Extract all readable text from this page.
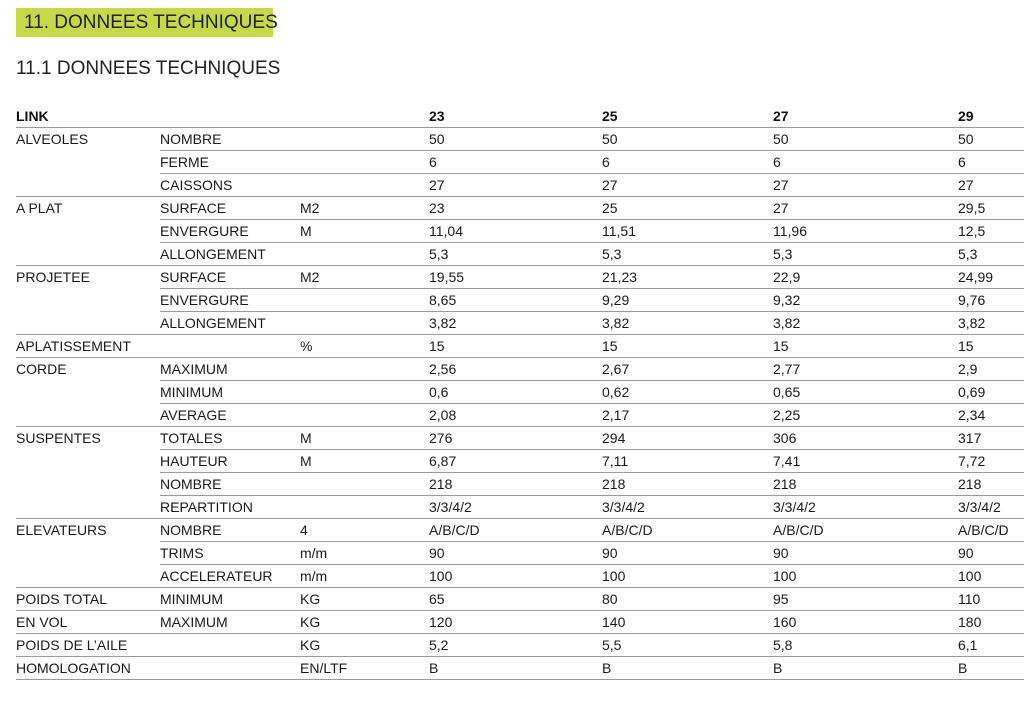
11. DONNEES TECHNIQUES
11.1 DONNEES TECHNIQUES
LINK			23	25	27	29
ALVEOLES	NOMBRE		50	50	50	50
	FERME		6	6	6	6
	CAISSONS		27	27	27	27
A PLAT	SURFACE	M2	23	25	27	29,5
	ENVERGURE	M	11,04	11,51	11,96	12,5
	ALLONGEMENT		5,3	5,3	5,3	5,3
PROJETEE	SURFACE	M2	19,55	21,23	22,9	24,99
	ENVERGURE		8,65	9,29	9,32	9,76
	ALLONGEMENT		3,82	3,82	3,82	3,82
APLATISSEMENT		%	15	15	15	15
CORDE	MAXIMUM		2,56	2,67	2,77	2,9
	MINIMUM		0,6	0,62	0,65	0,69
	AVERAGE		2,08	2,17	2,25	2,34
SUSPENTES	TOTALES	M	276	294	306	317
	HAUTEUR	M	6,87	7,11	7,41	7,72
	NOMBRE		218	218	218	218
	REPARTITION		3/3/4/2	3/3/4/2	3/3/4/2	3/3/4/2
ELEVATEURS	NOMBRE	4	A/B/C/D	A/B/C/D	A/B/C/D	A/B/C/D
	TRIMS	m/m	90	90	90	90
	ACCELERATEUR	m/m	100	100	100	100
POIDS TOTAL	MINIMUM	KG	65	80	95	110
EN VOL	MAXIMUM	KG	120	140	160	180
POIDS DE L’AILE		KG	5,2	5,5	5,8	6,1
HOMOLOGATION		EN/LTF	B	B	B	B
